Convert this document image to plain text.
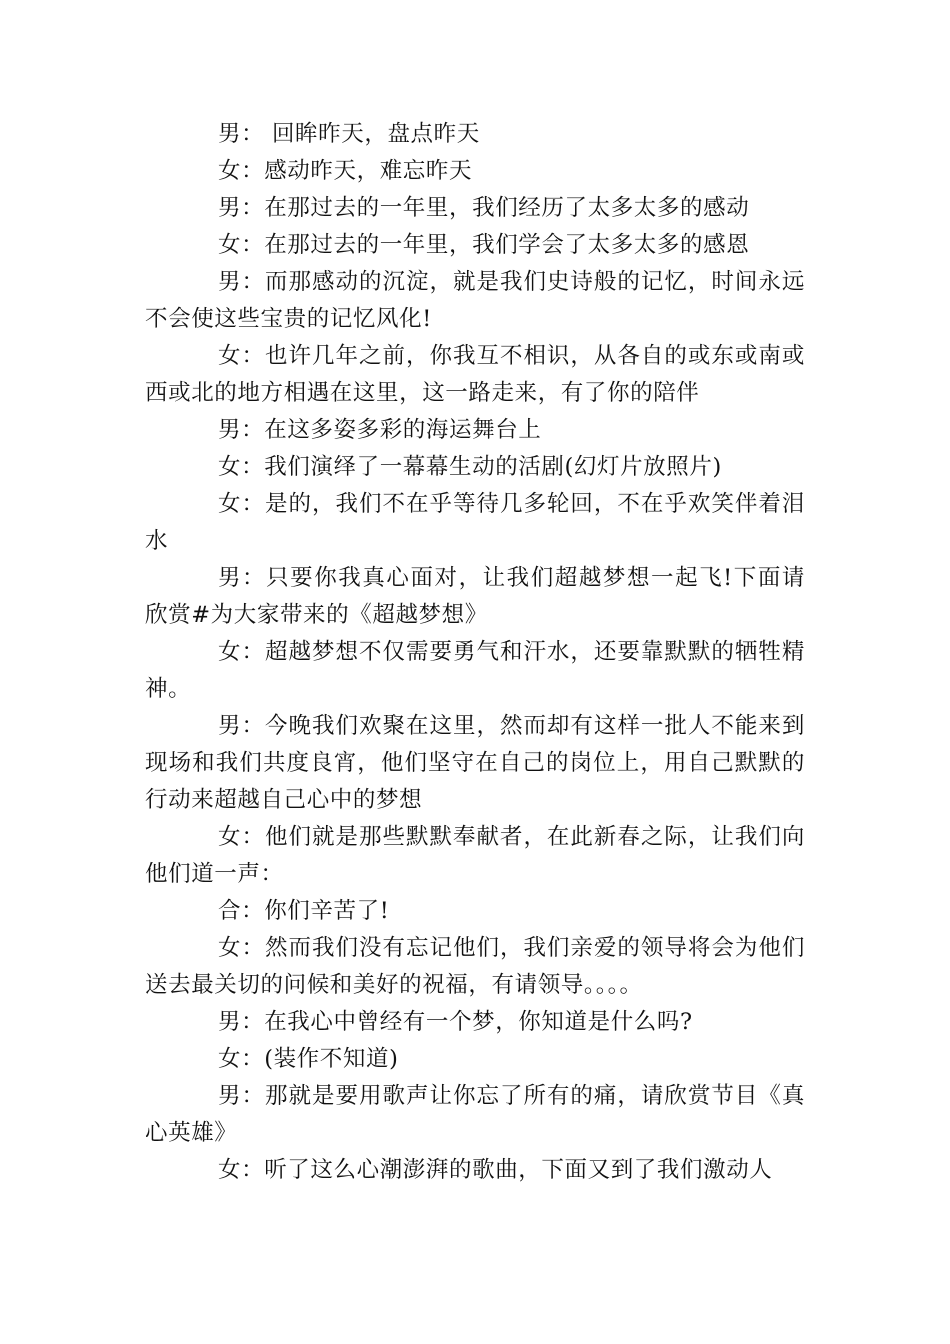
男： 回眸昨天，盘点昨天

女：感动昨天，难忘昨天

男：在那过去的一年里，我们经历了太多太多的感动

女：在那过去的一年里，我们学会了太多太多的感恩

男：而那感动的沉淀，就是我们史诗般的记忆，时间永远不会使这些宝贵的记忆风化!

女：也许几年之前，你我互不相识，从各自的或东或南或西或北的地方相遇在这里，这一路走来，有了你的陪伴

男：在这多姿多彩的海运舞台上

女：我们演绎了一幕幕生动的活剧(幻灯片放照片)

女：是的，我们不在乎等待几多轮回，不在乎欢笑伴着泪水

男：只要你我真心面对，让我们超越梦想一起飞!下面请欣赏#为大家带来的《超越梦想》

女：超越梦想不仅需要勇气和汗水，还要靠默默的牺牲精神。

男：今晚我们欢聚在这里，然而却有这样一批人不能来到现场和我们共度良宵，他们坚守在自己的岗位上，用自己默默的行动来超越自己心中的梦想

女：他们就是那些默默奉献者，在此新春之际，让我们向他们道一声：

合：你们辛苦了!

女：然而我们没有忘记他们，我们亲爱的领导将会为他们送去最关切的问候和美好的祝福，有请领导。。。。

男：在我心中曾经有一个梦，你知道是什么吗?

女：(装作不知道)

男：那就是要用歌声让你忘了所有的痛，请欣赏节目《真心英雄》

女：听了这么心潮澎湃的歌曲，下面又到了我们激动人
